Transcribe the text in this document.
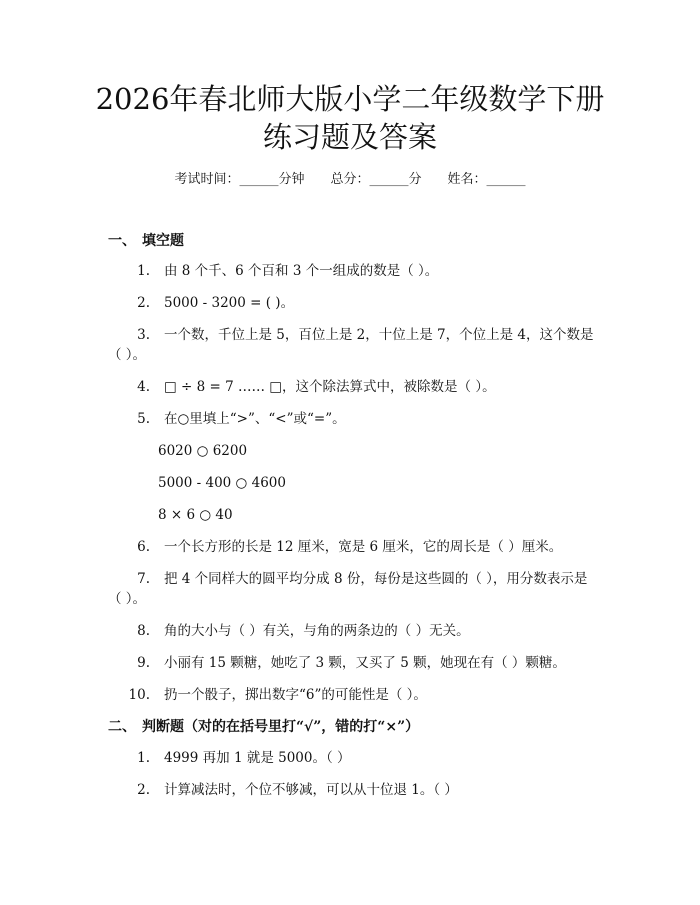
2026年春北师大版小学二年级数学下册练习题及答案
考试时间：______分钟 总分：______分 姓名：______
一、 填空题
1. 由 8 个千、6 个百和 3 个一组成的数是（ ）。
2. 5000 - 3200 = ( )。
3. 一个数，千位上是 5，百位上是 2，十位上是 7，个位上是 4，这个数是（ ）。
4. □ ÷ 8 = 7 …… □，这个除法算式中，被除数是（ ）。
5. 在○里填上“>”、“<”或“=”。
6020 ○ 6200
5000 - 400 ○ 4600
8 × 6 ○ 40
6. 一个长方形的长是 12 厘米，宽是 6 厘米，它的周长是（ ）厘米。
7. 把 4 个同样大的圆平均分成 8 份，每份是这些圆的（ ），用分数表示是（ ）。
8. 角的大小与（ ）有关，与角的两条边的（ ）无关。
9. 小丽有 15 颗糖，她吃了 3 颗，又买了 5 颗，她现在有（ ）颗糖。
10. 扔一个骰子，掷出数字“6”的可能性是（ ）。
二、 判断题（对的在括号里打“√”，错的打“×”）
1. 4999 再加 1 就是 5000。（ ）
2. 计算减法时，个位不够减，可以从十位退 1。（ ）
